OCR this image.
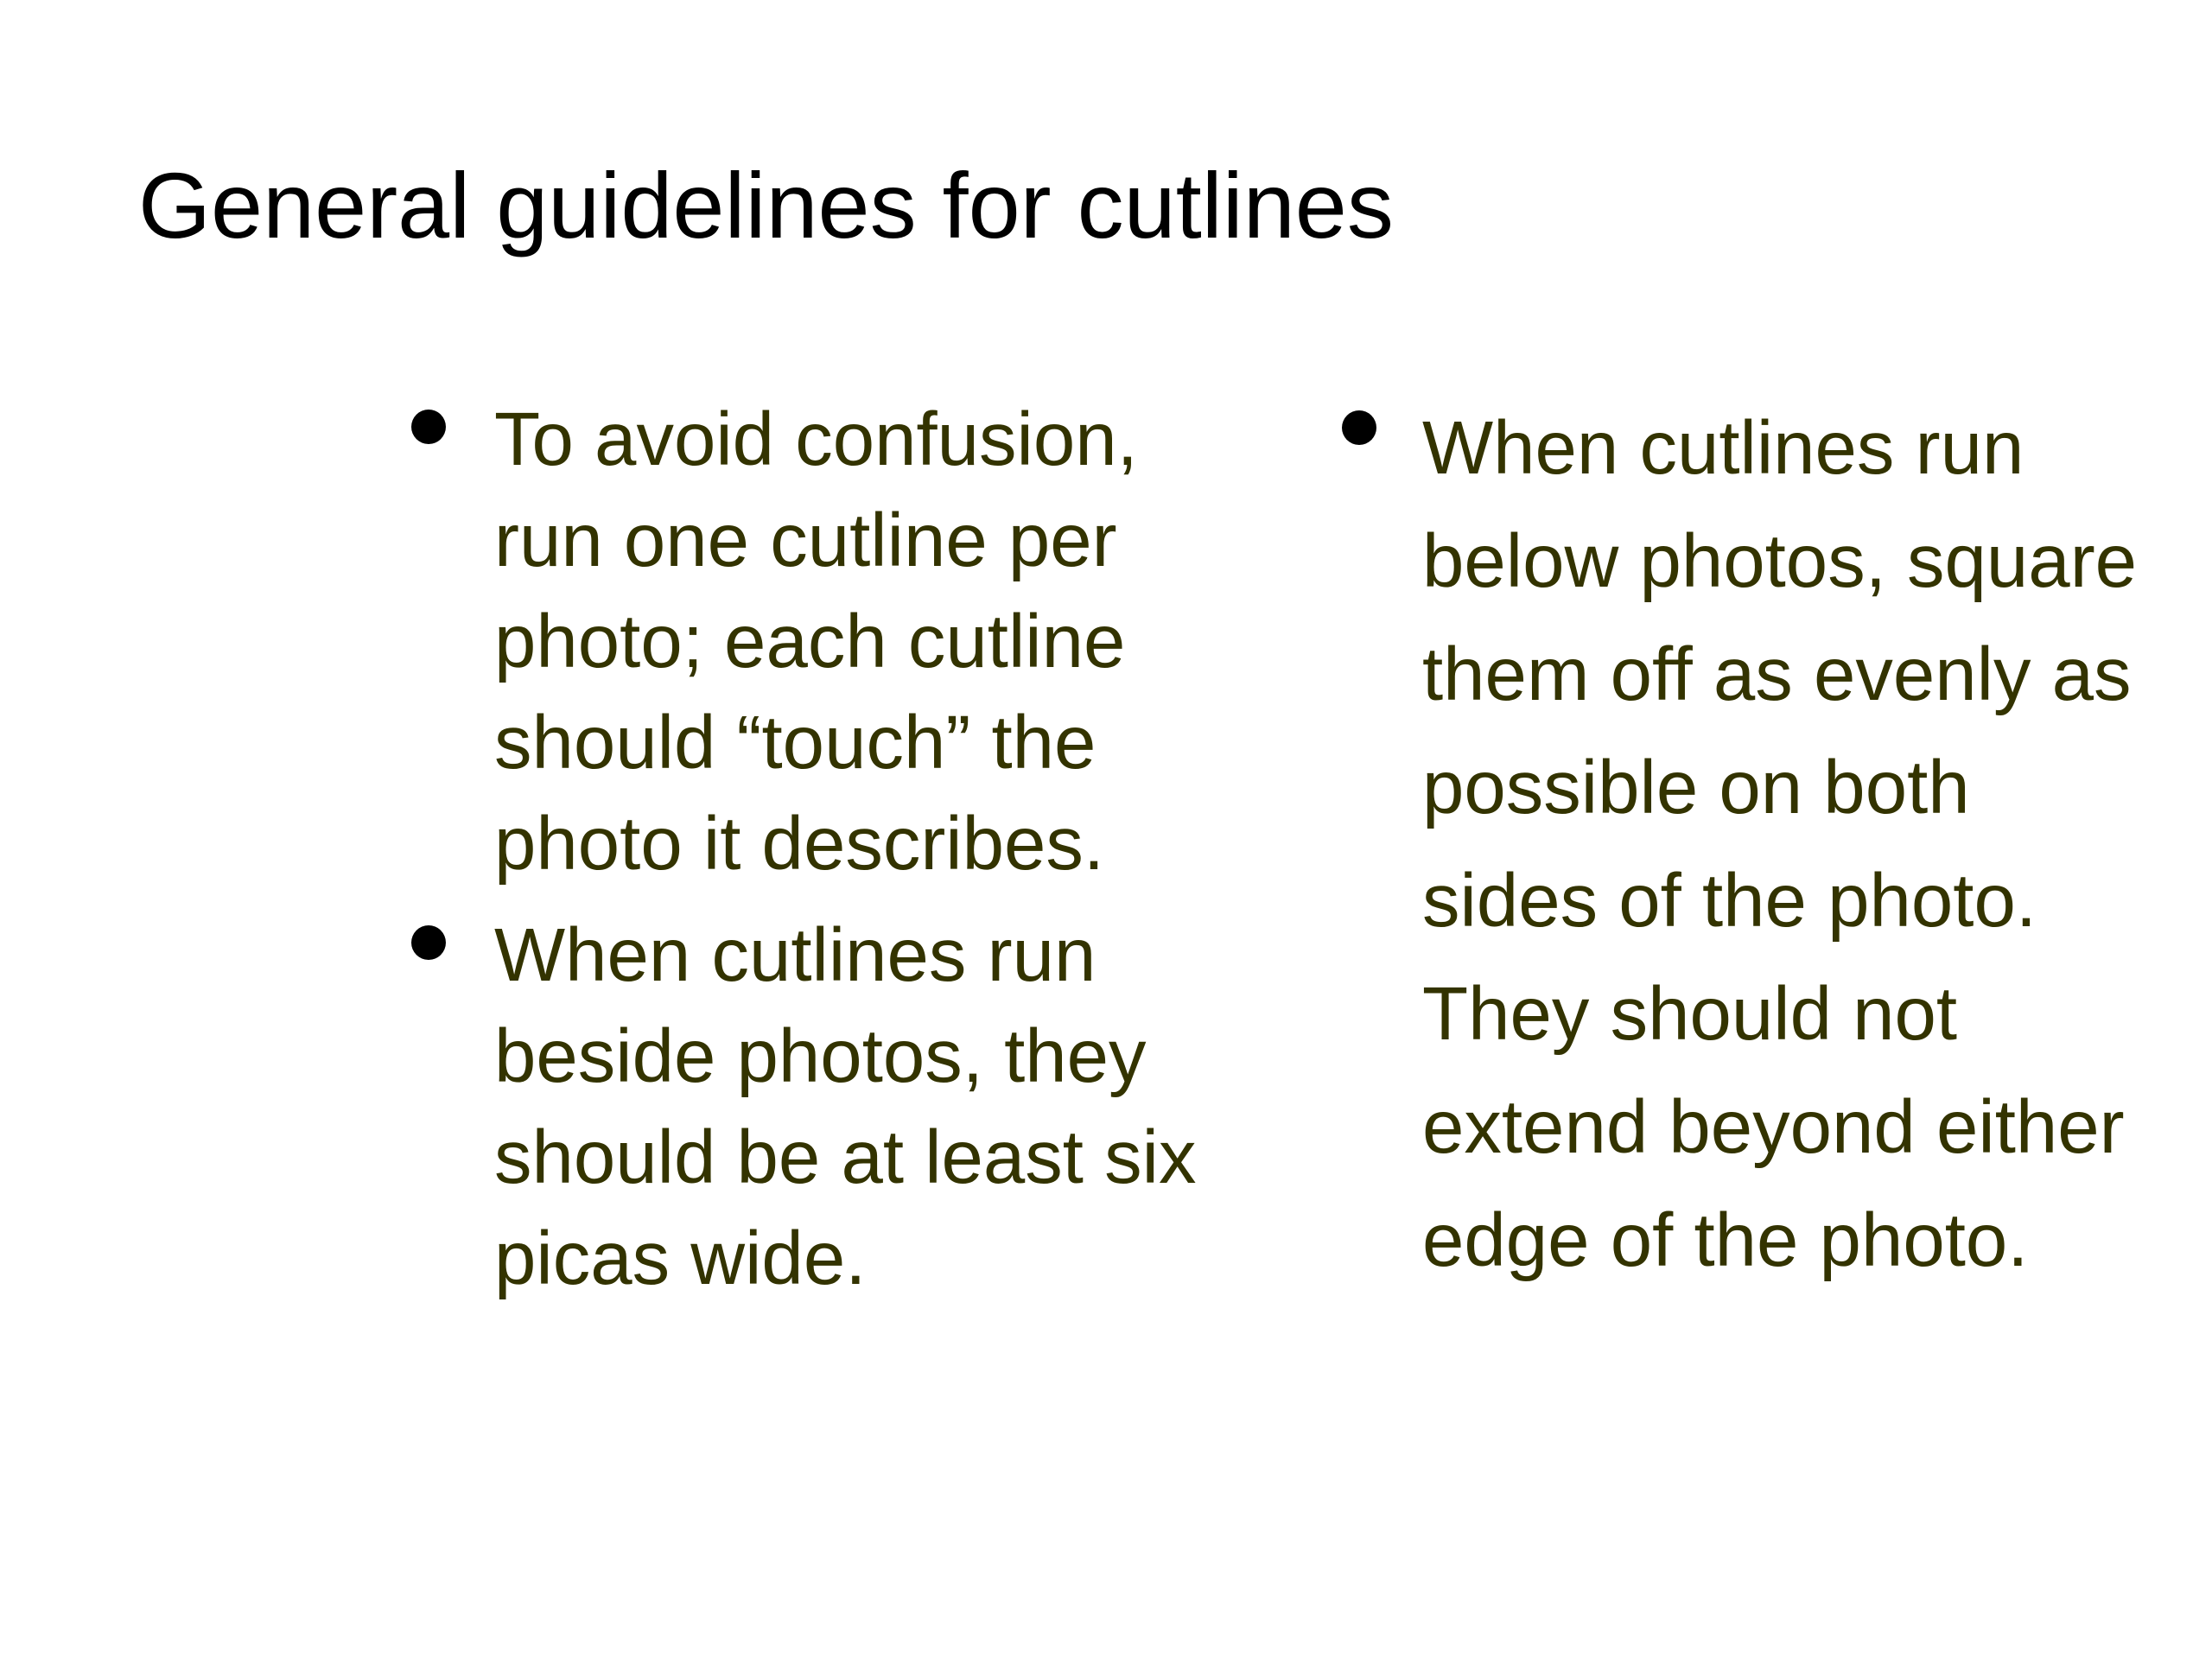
General guidelines for cutlines
To avoid confusion,
run one cutline per
photo; each cutline
should “touch” the
photo it describes.
When cutlines run
beside photos, they
should be at least six
picas wide.
When cutlines run
below photos, square
them off as evenly as
possible on both
sides of the photo.
They should not
extend beyond either
edge of the photo.
